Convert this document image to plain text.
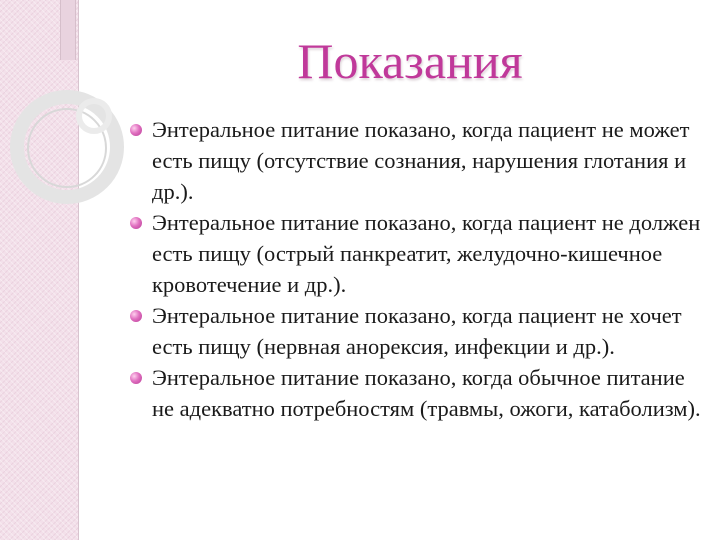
Показания
Энтеральное питание показано, когда пациент не может есть пищу (отсутствие сознания, нарушения глотания и др.).
Энтеральное питание показано, когда пациент не должен есть пищу (острый панкреатит, желудочно-кишечное кровотечение и др.).
Энтеральное питание показано, когда пациент не хочет есть пищу (нервная анорексия, инфекции и др.).
Энтеральное питание показано, когда обычное питание не адекватно потребностям (травмы, ожоги, катаболизм).
